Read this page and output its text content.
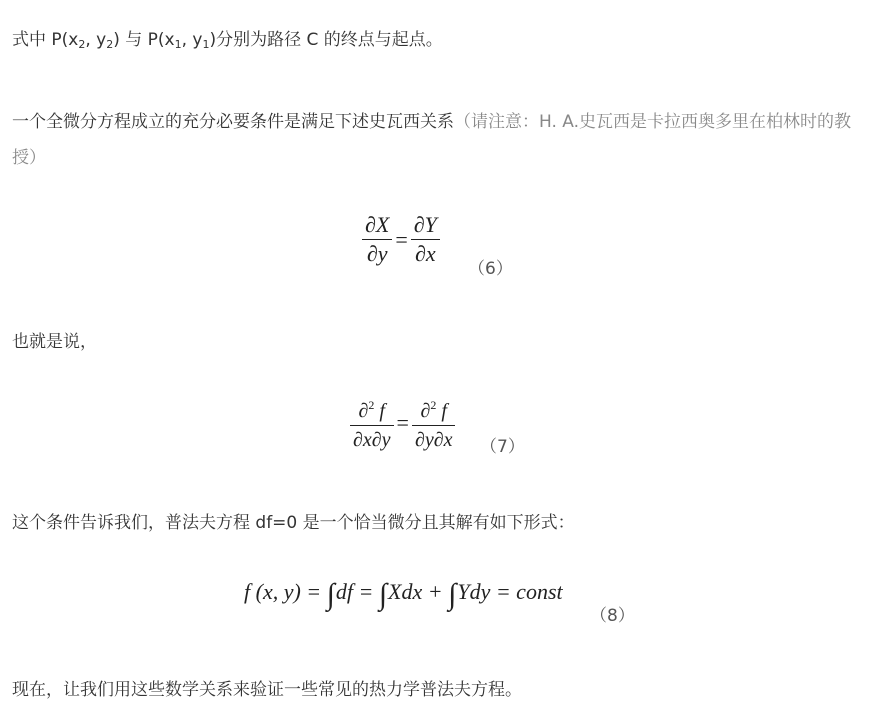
式中 $P(x_2$, $y_2$) 与 $P(x_1$, $y_1$)分别为路径 C 的终点与起点。
一个全微分方程成立的充分必要条件是满足下述史瓦西关系（请注意：H. A.史瓦西是卡拉西奥多里在柏林时的教授）
$\frac{\partial X}{\partial y} = \frac{\partial Y}{\partial x}$
（6）
也就是说，
$\frac{\partial^2 f}{\partial x\partial y} = \frac{\partial^2 f}{\partial y\partial x} (7)$
这个条件告诉我们，普法夫方程 df=0 是一个恰当微分且其解有如下形式：
f (x, y) = ∫df = ∫Xdx + ∫Ydy = const
（8）
现在，让我们用这些数学关系来验证一些常见的热力学普法夫方程。
